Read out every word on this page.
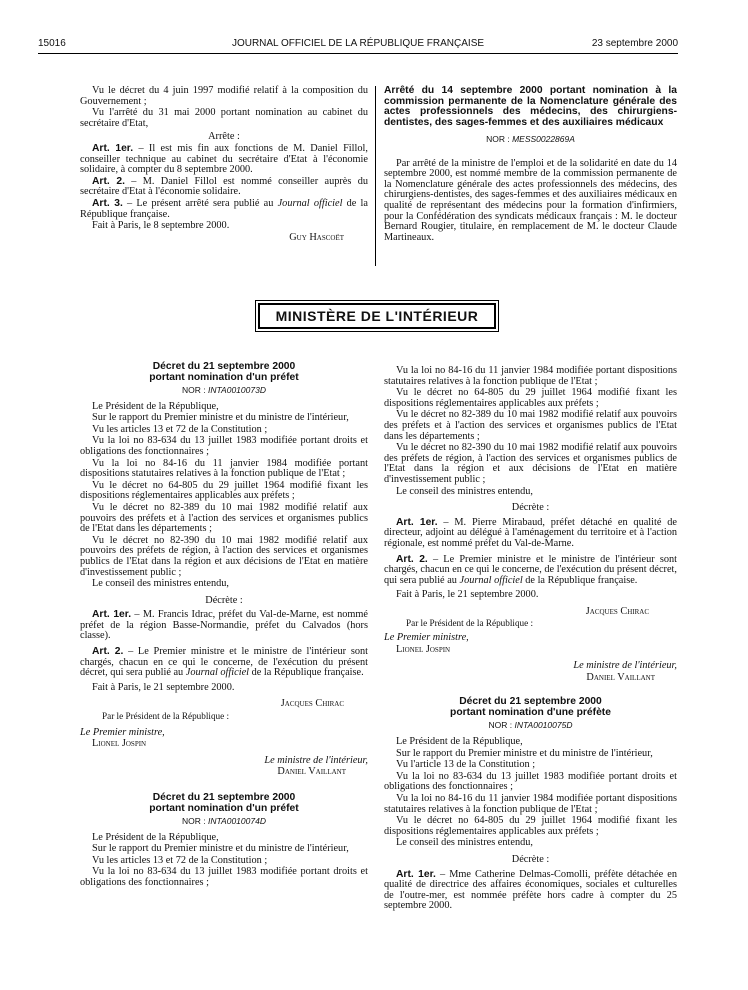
15016	JOURNAL OFFICIEL DE LA RÉPUBLIQUE FRANÇAISE	23 septembre 2000

Vu le décret du 4 juin 1997 modifié relatif à la composition du Gouvernement ;

Vu l'arrêté du 31 mai 2000 portant nomination au cabinet du secrétaire d'Etat,

Arrête :

Art. 1er. – Il est mis fin aux fonctions de M. Daniel Fillol, conseiller technique au cabinet du secrétaire d'Etat à l'économie solidaire, à compter du 8 septembre 2000.

Art. 2. – M. Daniel Fillol est nommé conseiller auprès du secrétaire d'Etat à l'économie solidaire.

Art. 3. – Le présent arrêté sera publié au Journal officiel de la République française.

Fait à Paris, le 8 septembre 2000.

Guy Hascoët

Arrêté du 14 septembre 2000 portant nomination à la commission permanente de la Nomenclature générale des actes professionnels des médecins, des chirurgiens-dentistes, des sages-femmes et des auxiliaires médicaux
NOR : MESS0022869A

Par arrêté de la ministre de l'emploi et de la solidarité en date du 14 septembre 2000, est nommé membre de la commission permanente de la Nomenclature générale des actes professionnels des médecins, des chirurgiens-dentistes, des sages-femmes et des auxiliaires médicaux en qualité de représentant des médecins pour la formation d'infirmiers, pour la Confédération des syndicats médicaux français : M. le docteur Bernard Rougier, titulaire, en remplacement de M. le docteur Claude Martineaux.

MINISTÈRE DE L'INTÉRIEUR
Décret du 21 septembre 2000
portant nomination d'un préfet
NOR : INTA0010073D

Le Président de la République,

Sur le rapport du Premier ministre et du ministre de l'intérieur,

Vu les articles 13 et 72 de la Constitution ;

Vu la loi no 83-634 du 13 juillet 1983 modifiée portant droits et obligations des fonctionnaires ;

Vu la loi no 84-16 du 11 janvier 1984 modifiée portant dispositions statutaires relatives à la fonction publique de l'Etat ;

Vu le décret no 64-805 du 29 juillet 1964 modifié fixant les dispositions réglementaires applicables aux préfets ;

Vu le décret no 82-389 du 10 mai 1982 modifié relatif aux pouvoirs des préfets et à l'action des services et organismes publics de l'Etat dans les départements ;

Vu le décret no 82-390 du 10 mai 1982 modifié relatif aux pouvoirs des préfets de région, à l'action des services et organismes publics de l'Etat dans la région et aux décisions de l'Etat en matière d'investissement public ;

Le conseil des ministres entendu,

Décrète :

Art. 1er. – M. Francis Idrac, préfet du Val-de-Marne, est nommé préfet de la région Basse-Normandie, préfet du Calvados (hors classe).

Art. 2. – Le Premier ministre et le ministre de l'intérieur sont chargés, chacun en ce qui le concerne, de l'exécution du présent décret, qui sera publié au Journal officiel de la République française.

Fait à Paris, le 21 septembre 2000.

Jacques Chirac

Par le Président de la République :

Le Premier ministre,

Lionel Jospin

Le ministre de l'intérieur,

Daniel Vaillant

Décret du 21 septembre 2000
portant nomination d'un préfet
NOR : INTA0010074D

Le Président de la République,

Sur le rapport du Premier ministre et du ministre de l'intérieur,

Vu les articles 13 et 72 de la Constitution ;

Vu la loi no 83-634 du 13 juillet 1983 modifiée portant droits et obligations des fonctionnaires ;

Vu la loi no 84-16 du 11 janvier 1984 modifiée portant dispositions statutaires relatives à la fonction publique de l'Etat ;

Vu le décret no 64-805 du 29 juillet 1964 modifié fixant les dispositions réglementaires applicables aux préfets ;

Vu le décret no 82-389 du 10 mai 1982 modifié relatif aux pouvoirs des préfets et à l'action des services et organismes publics de l'Etat dans les départements ;

Vu le décret no 82-390 du 10 mai 1982 modifié relatif aux pouvoirs des préfets de région, à l'action des services et organismes publics de l'Etat dans la région et aux décisions de l'Etat en matière d'investissement public ;

Le conseil des ministres entendu,

Décrète :

Art. 1er. – M. Pierre Mirabaud, préfet détaché en qualité de directeur, adjoint au délégué à l'aménagement du territoire et à l'action régionale, est nommé préfet du Val-de-Marne.

Art. 2. – Le Premier ministre et le ministre de l'intérieur sont chargés, chacun en ce qui le concerne, de l'exécution du présent décret, qui sera publié au Journal officiel de la République française.

Fait à Paris, le 21 septembre 2000.

Jacques Chirac

Par le Président de la République :

Le Premier ministre,

Lionel Jospin

Le ministre de l'intérieur,

Daniel Vaillant

Décret du 21 septembre 2000
portant nomination d'une préfète
NOR : INTA0010075D

Le Président de la République,

Sur le rapport du Premier ministre et du ministre de l'intérieur,

Vu l'article 13 de la Constitution ;

Vu la loi no 83-634 du 13 juillet 1983 modifiée portant droits et obligations des fonctionnaires ;

Vu la loi no 84-16 du 11 janvier 1984 modifiée portant dispositions statutaires relatives à la fonction publique de l'Etat ;

Vu le décret no 64-805 du 29 juillet 1964 modifié fixant les dispositions réglementaires applicables aux préfets ;

Le conseil des ministres entendu,

Décrète :

Art. 1er. – Mme Catherine Delmas-Comolli, préfète détachée en qualité de directrice des affaires économiques, sociales et culturelles de l'outre-mer, est nommée préfète hors cadre à compter du 25 septembre 2000.
